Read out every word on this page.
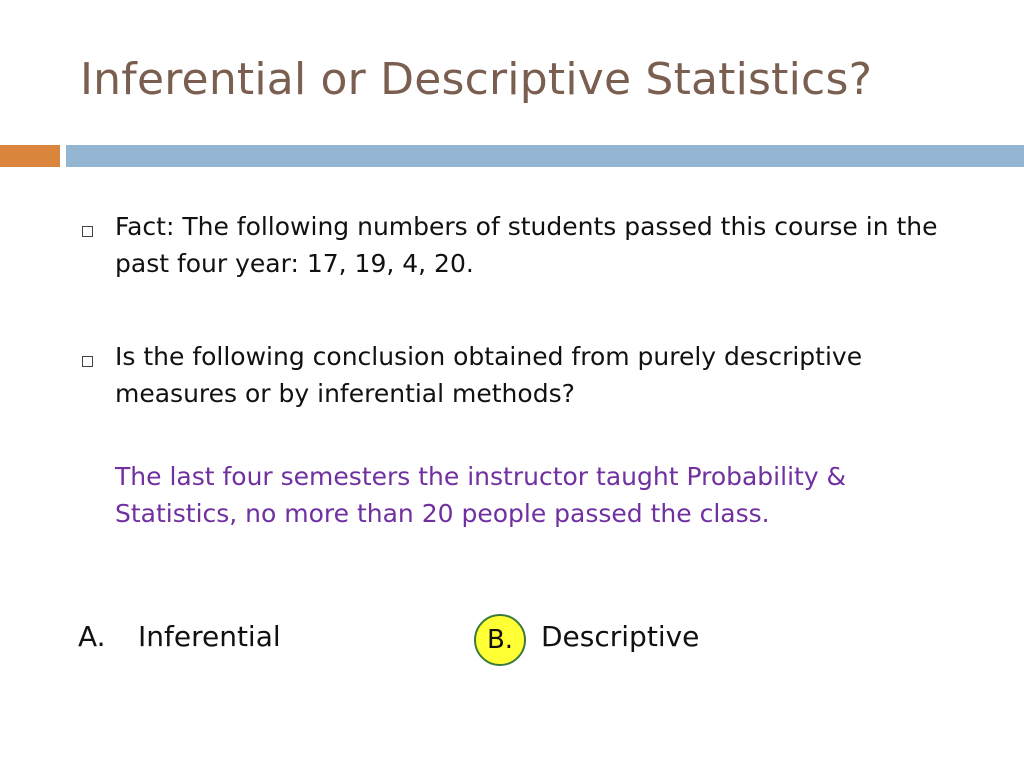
Inferential or Descriptive Statistics?
Fact: The following numbers of students passed this course in the past four year: 17, 19, 4, 20.
Is the following conclusion obtained from purely descriptive measures or by inferential methods?
The last four semesters the instructor taught Probability & Statistics, no more than 20 people passed the class.
A. Inferential	B. Descriptive
